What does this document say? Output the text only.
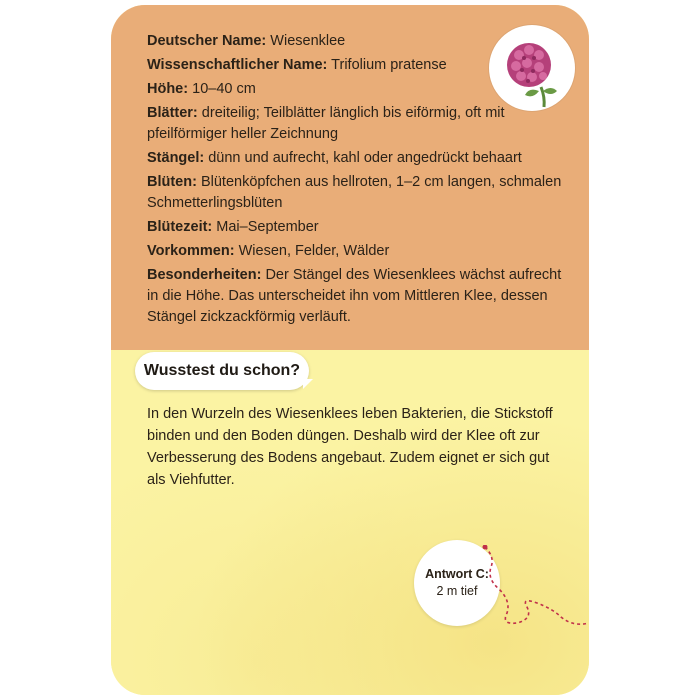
Deutscher Name: Wiesenklee
Wissenschaftlicher Name: Trifolium pratense
Höhe: 10–40 cm
Blätter: dreiteilig; Teilblätter länglich bis eiförmig, oft mit pfeilförmiger heller Zeichnung
Stängel: dünn und aufrecht, kahl oder angedrückt behaart
Blüten: Blütenköpfchen aus hellroten, 1–2 cm langen, schmalen Schmetterlingsblüten
Blütezeit: Mai–September
Vorkommen: Wiesen, Felder, Wälder
Besonderheiten: Der Stängel des Wiesenklees wächst aufrecht in die Höhe. Das unterscheidet ihn vom Mittleren Klee, dessen Stängel zickzackförmig verläuft.
Wusstest du schon?

In den Wurzeln des Wiesenklees leben Bakterien, die Stickstoff binden und den Boden düngen. Deshalb wird der Klee oft zur Verbesserung des Bodens angebaut. Zudem eignet er sich gut als Viehfutter.

Antwort C:
2 m tief
